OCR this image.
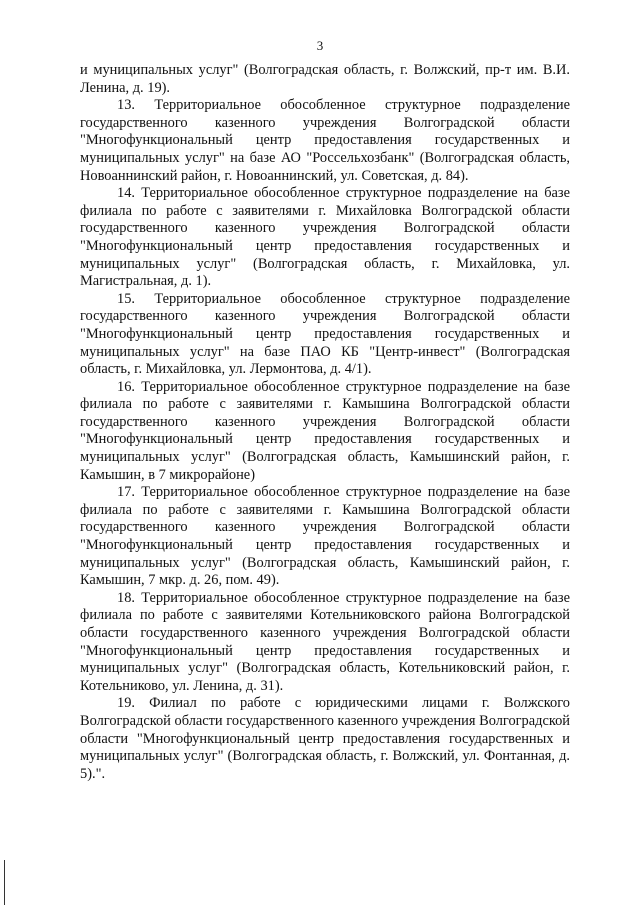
3

и муниципальных услуг" (Волгоградская область, г. Волжский, пр-т им. В.И. Ленина, д. 19).

13. Территориальное обособленное структурное подразделение государственного казенного учреждения Волгоградской области "Многофункциональный центр предоставления государственных и муниципальных услуг" на базе АО "Россельхозбанк" (Волгоградская область, Новоаннинский район, г. Новоаннинский, ул. Советская, д. 84).

14. Территориальное обособленное структурное подразделение на базе филиала по работе с заявителями г. Михайловка Волгоградской области государственного казенного учреждения Волгоградской области "Многофункциональный центр предоставления государственных и муниципальных услуг" (Волгоградская область, г. Михайловка, ул. Магистральная, д. 1).

15. Территориальное обособленное структурное подразделение государственного казенного учреждения Волгоградской области "Многофункциональный центр предоставления государственных и муниципальных услуг" на базе ПАО КБ "Центр-инвест" (Волгоградская область, г. Михайловка, ул. Лермонтова, д. 4/1).

16. Территориальное обособленное структурное подразделение на базе филиала по работе с заявителями г. Камышина Волгоградской области государственного казенного учреждения Волгоградской области "Многофункциональный центр предоставления государственных и муниципальных услуг" (Волгоградская область, Камышинский район, г. Камышин, в 7 микрорайоне)

17. Территориальное обособленное структурное подразделение на базе филиала по работе с заявителями г. Камышина Волгоградской области государственного казенного учреждения Волгоградской области "Многофункциональный центр предоставления государственных и муниципальных услуг" (Волгоградская область, Камышинский район, г. Камышин, 7 мкр. д. 26, пом. 49).

18. Территориальное обособленное структурное подразделение на базе филиала по работе с заявителями Котельниковского района Волгоградской области государственного казенного учреждения Волгоградской области "Многофункциональный центр предоставления государственных и муниципальных услуг" (Волгоградская область, Котельниковский район, г. Котельниково, ул. Ленина, д. 31).

19. Филиал по работе с юридическими лицами г. Волжского Волгоградской области государственного казенного учреждения Волгоградской области "Многофункциональный центр предоставления государственных и муниципальных услуг" (Волгоградская область, г. Волжский, ул. Фонтанная, д. 5).".
